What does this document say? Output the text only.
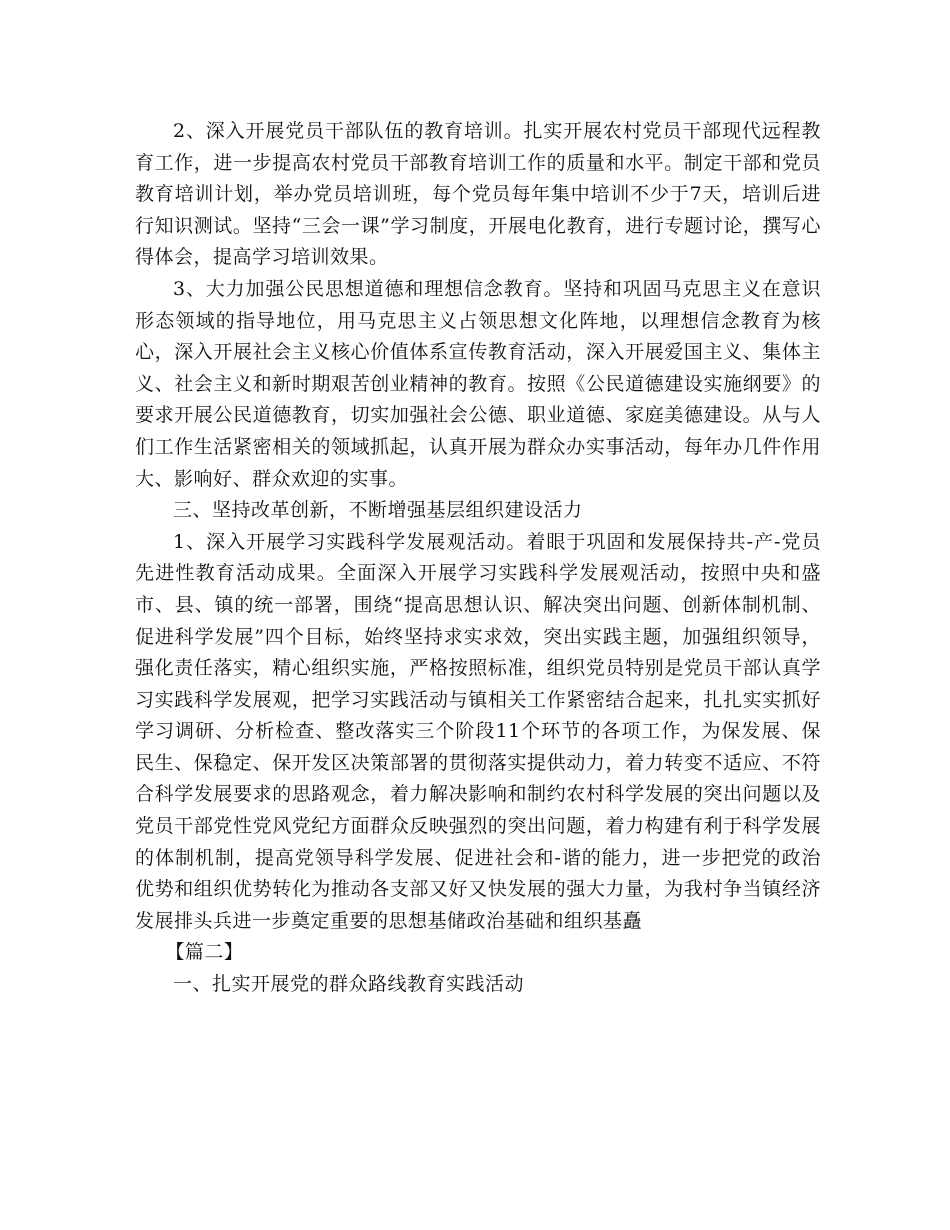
2、深入开展党员干部队伍的教育培训。扎实开展农村党员干部现代远程教育工作，进一步提高农村党员干部教育培训工作的质量和水平。制定干部和党员教育培训计划，举办党员培训班，每个党员每年集中培训不少于7天，培训后进行知识测试。坚持“三会一课”学习制度，开展电化教育，进行专题讨论，撰写心得体会，提高学习培训效果。

3、大力加强公民思想道德和理想信念教育。坚持和巩固马克思主义在意识形态领域的指导地位，用马克思主义占领思想文化阵地，以理想信念教育为核心，深入开展社会主义核心价值体系宣传教育活动，深入开展爱国主义、集体主义、社会主义和新时期艰苦创业精神的教育。按照《公民道德建设实施纲要》的要求开展公民道德教育，切实加强社会公德、职业道德、家庭美德建设。从与人们工作生活紧密相关的领域抓起，认真开展为群众办实事活动，每年办几件作用大、影响好、群众欢迎的实事。

三、坚持改革创新，不断增强基层组织建设活力

1、深入开展学习实践科学发展观活动。着眼于巩固和发展保持共-产-党员先进性教育活动成果。全面深入开展学习实践科学发展观活动，按照中央和盛市、县、镇的统一部署，围绕“提高思想认识、解决突出问题、创新体制机制、促进科学发展”四个目标，始终坚持求实求效，突出实践主题，加强组织领导，强化责任落实，精心组织实施，严格按照标准，组织党员特别是党员干部认真学习实践科学发展观，把学习实践活动与镇相关工作紧密结合起来，扎扎实实抓好学习调研、分析检查、整改落实三个阶段11个环节的各项工作，为保发展、保民生、保稳定、保开发区决策部署的贯彻落实提供动力，着力转变不适应、不符合科学发展要求的思路观念，着力解决影响和制约农村科学发展的突出问题以及党员干部党性党风党纪方面群众反映强烈的突出问题，着力构建有利于科学发展的体制机制，提高党领导科学发展、促进社会和-谐的能力，进一步把党的政治优势和组织优势转化为推动各支部又好又快发展的强大力量，为我村争当镇经济发展排头兵进一步奠定重要的思想基储政治基础和组织基矗

【篇二】

一、扎实开展党的群众路线教育实践活动
